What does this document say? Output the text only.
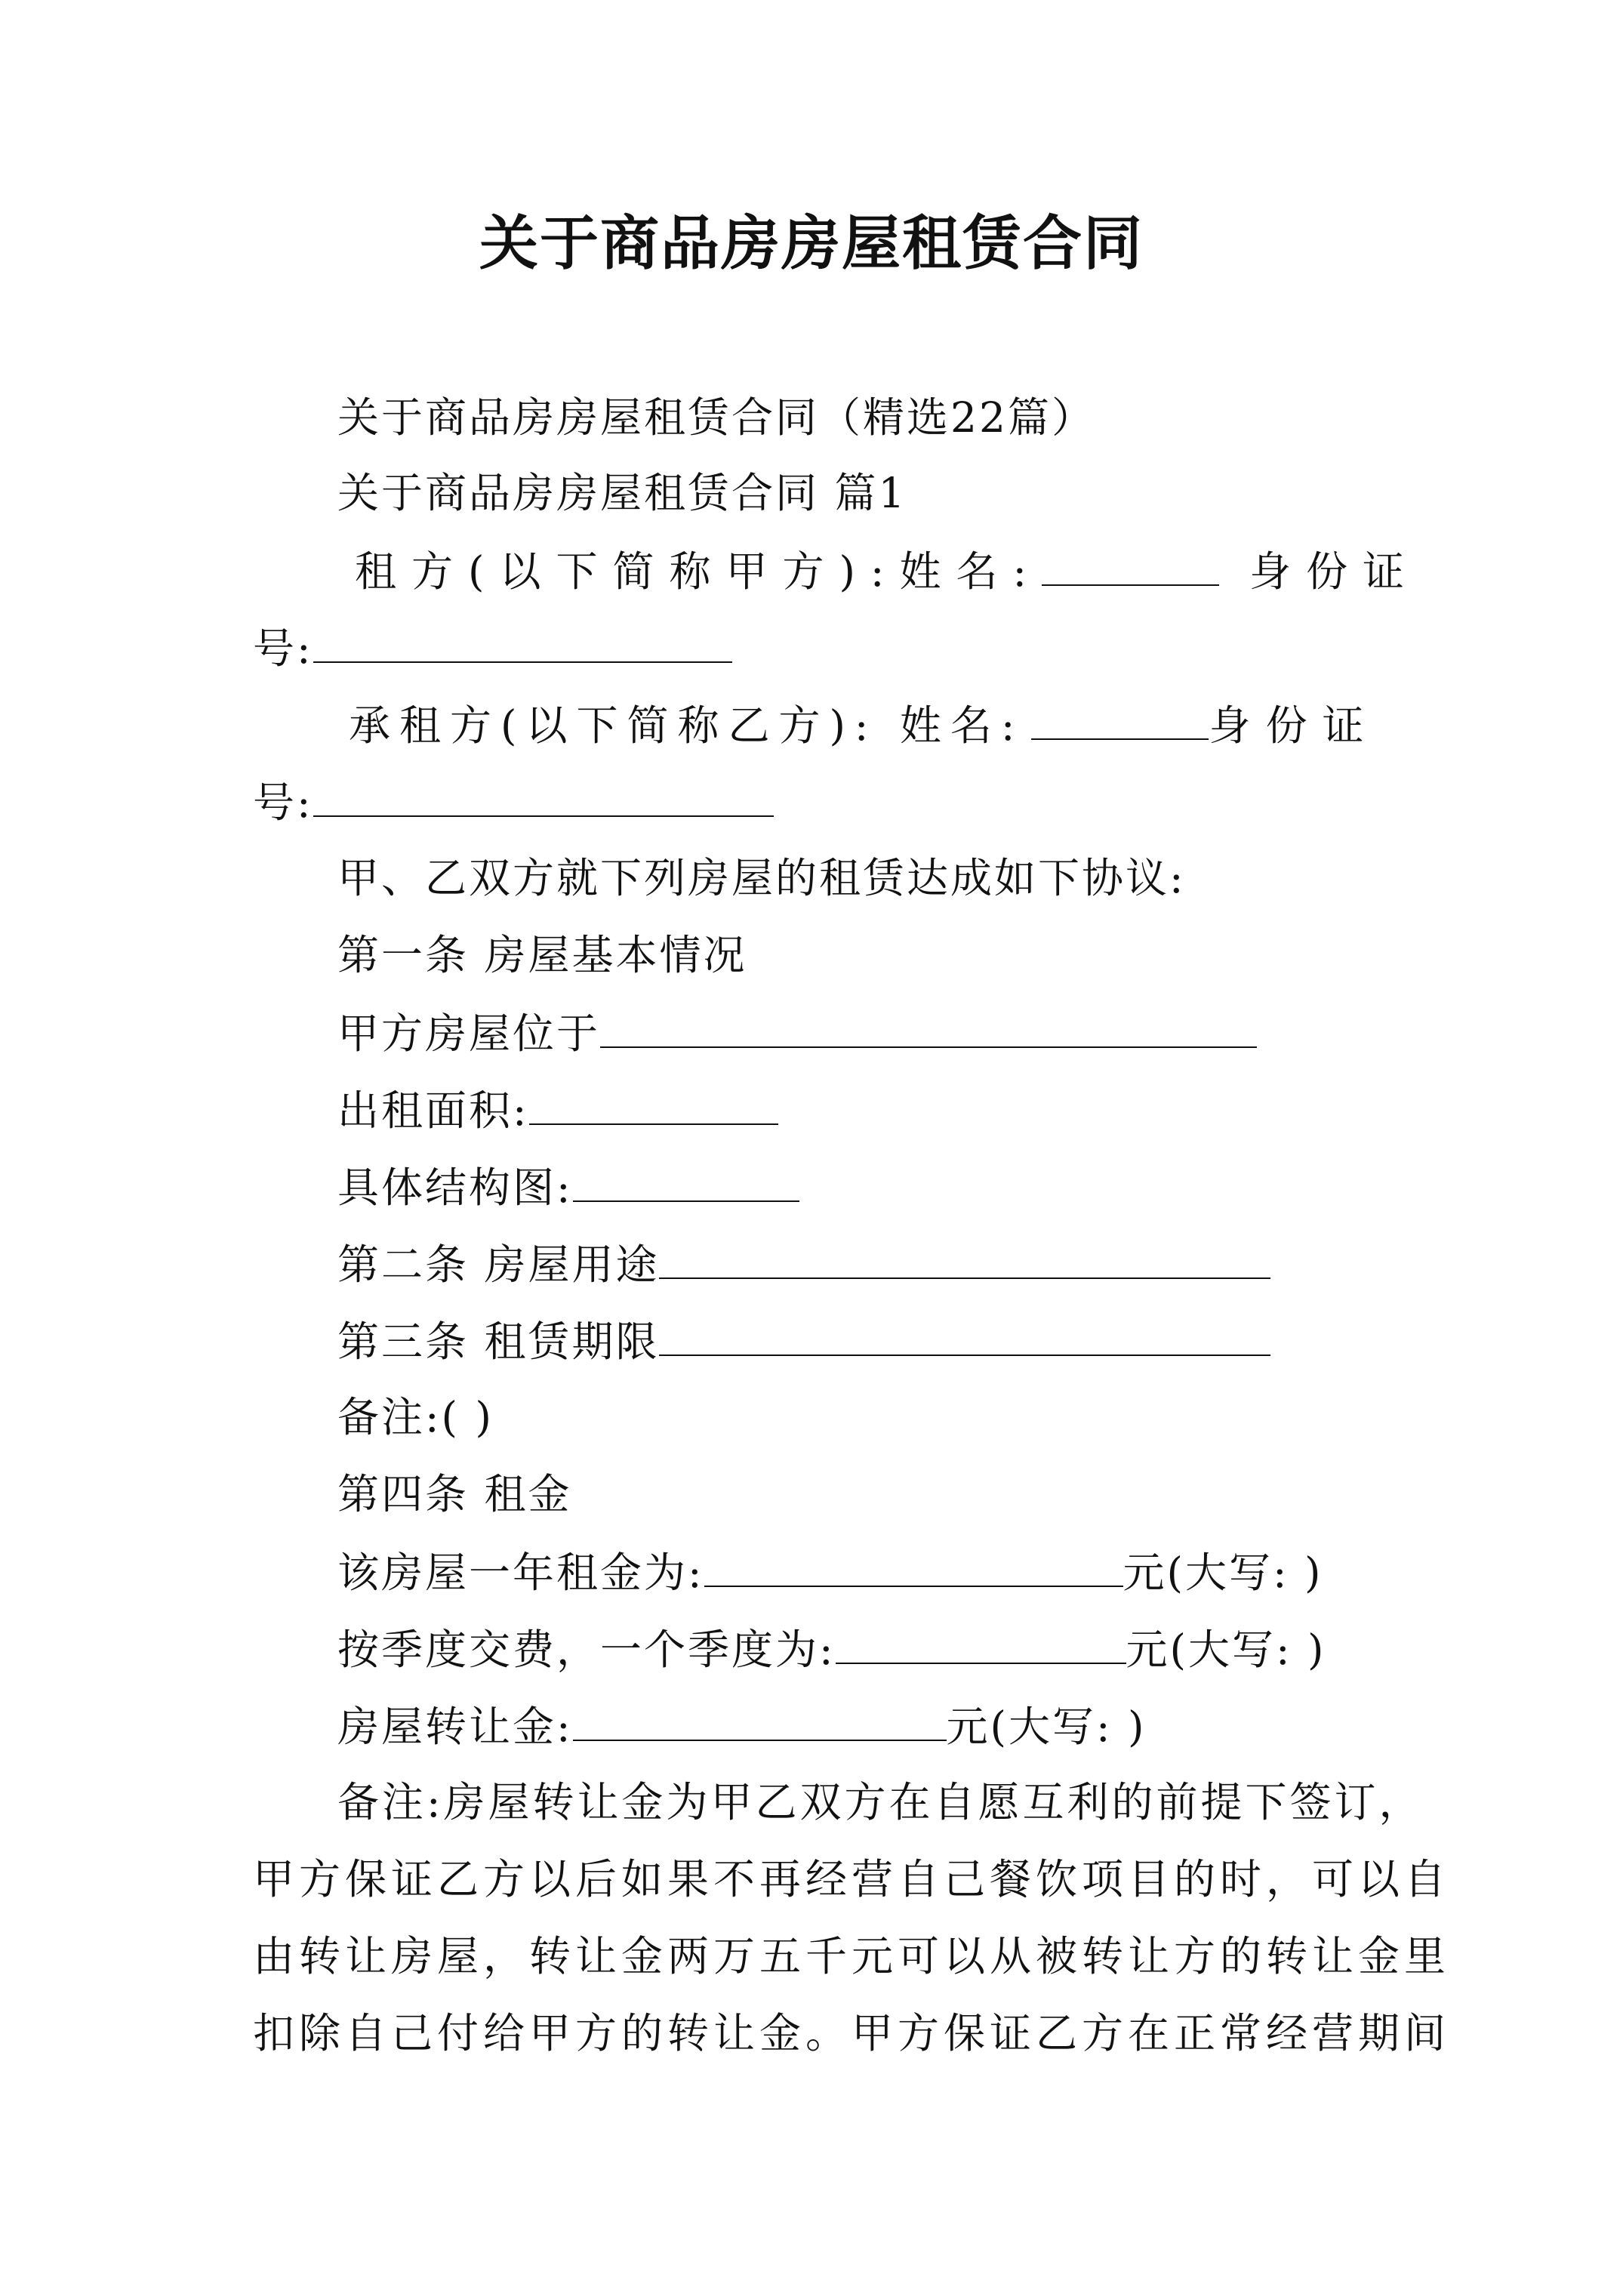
关于商品房房屋租赁合同
关于商品房房屋租赁合同（精选22篇）
关于商品房房屋租赁合同 篇1
租方(以下简称甲方):姓名:	身份证
号:
承租方(以下简称乙方): 姓名:	身份证
号:
甲、乙双方就下列房屋的租赁达成如下协议:
第一条 房屋基本情况
甲方房屋位于
出租面积:
具体结构图:
第二条 房屋用途
第三条 租赁期限
备注:( )
第四条 租金
该房屋一年租金为:	元(大写: )
按季度交费，一个季度为:	元(大写: )
房屋转让金:	元(大写: )
备注:房屋转让金为甲乙双方在自愿互利的前提下签订，
甲方保证乙方以后如果不再经营自己餐饮项目的时，可以自
由转让房屋，转让金两万五千元可以从被转让方的转让金里
扣除自己付给甲方的转让金。甲方保证乙方在正常经营期间
